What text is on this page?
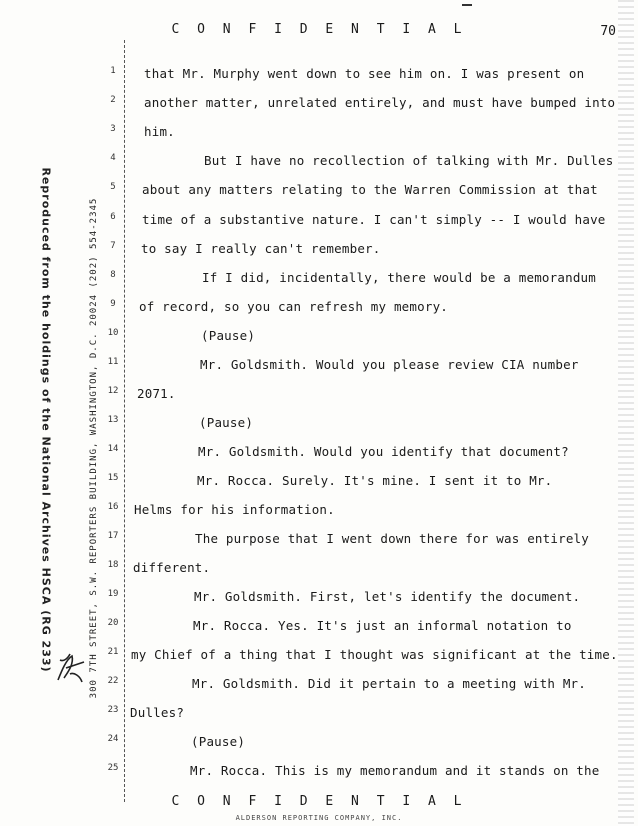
C O N F I D E N T I A L	70
300 7TH STREET, S.W. REPORTERS BUILDING, WASHINGTON, D.C. 20024 (202) 554-2345
Reproduced from the holdings of the National Archives HSCA (RG 233)
1
2
3
4
5
6
7
8
9
10
11
12
13
14
15
16
17
18
19
20
21
22
23
24
25
that Mr. Murphy went down to see him on. I was present on
another matter, unrelated entirely, and must have bumped into
him.
But I have no recollection of talking with Mr. Dulles
about any matters relating to the Warren Commission at that
time of a substantive nature. I can't simply -- I would have
to say I really can't remember.
If I did, incidentally, there would be a memorandum
of record, so you can refresh my memory.
(Pause)
Mr. Goldsmith. Would you please review CIA number
2071.
(Pause)
Mr. Goldsmith. Would you identify that document?
Mr. Rocca. Surely. It's mine. I sent it to Mr.
Helms for his information.
The purpose that I went down there for was entirely
different.
Mr. Goldsmith. First, let's identify the document.
Mr. Rocca. Yes. It's just an informal notation to
my Chief of a thing that I thought was significant at the time.
Mr. Goldsmith. Did it pertain to a meeting with Mr.
Dulles?
(Pause)
Mr. Rocca. This is my memorandum and it stands on the
C O N F I D E N T I A L
ALDERSON REPORTING COMPANY, INC.
